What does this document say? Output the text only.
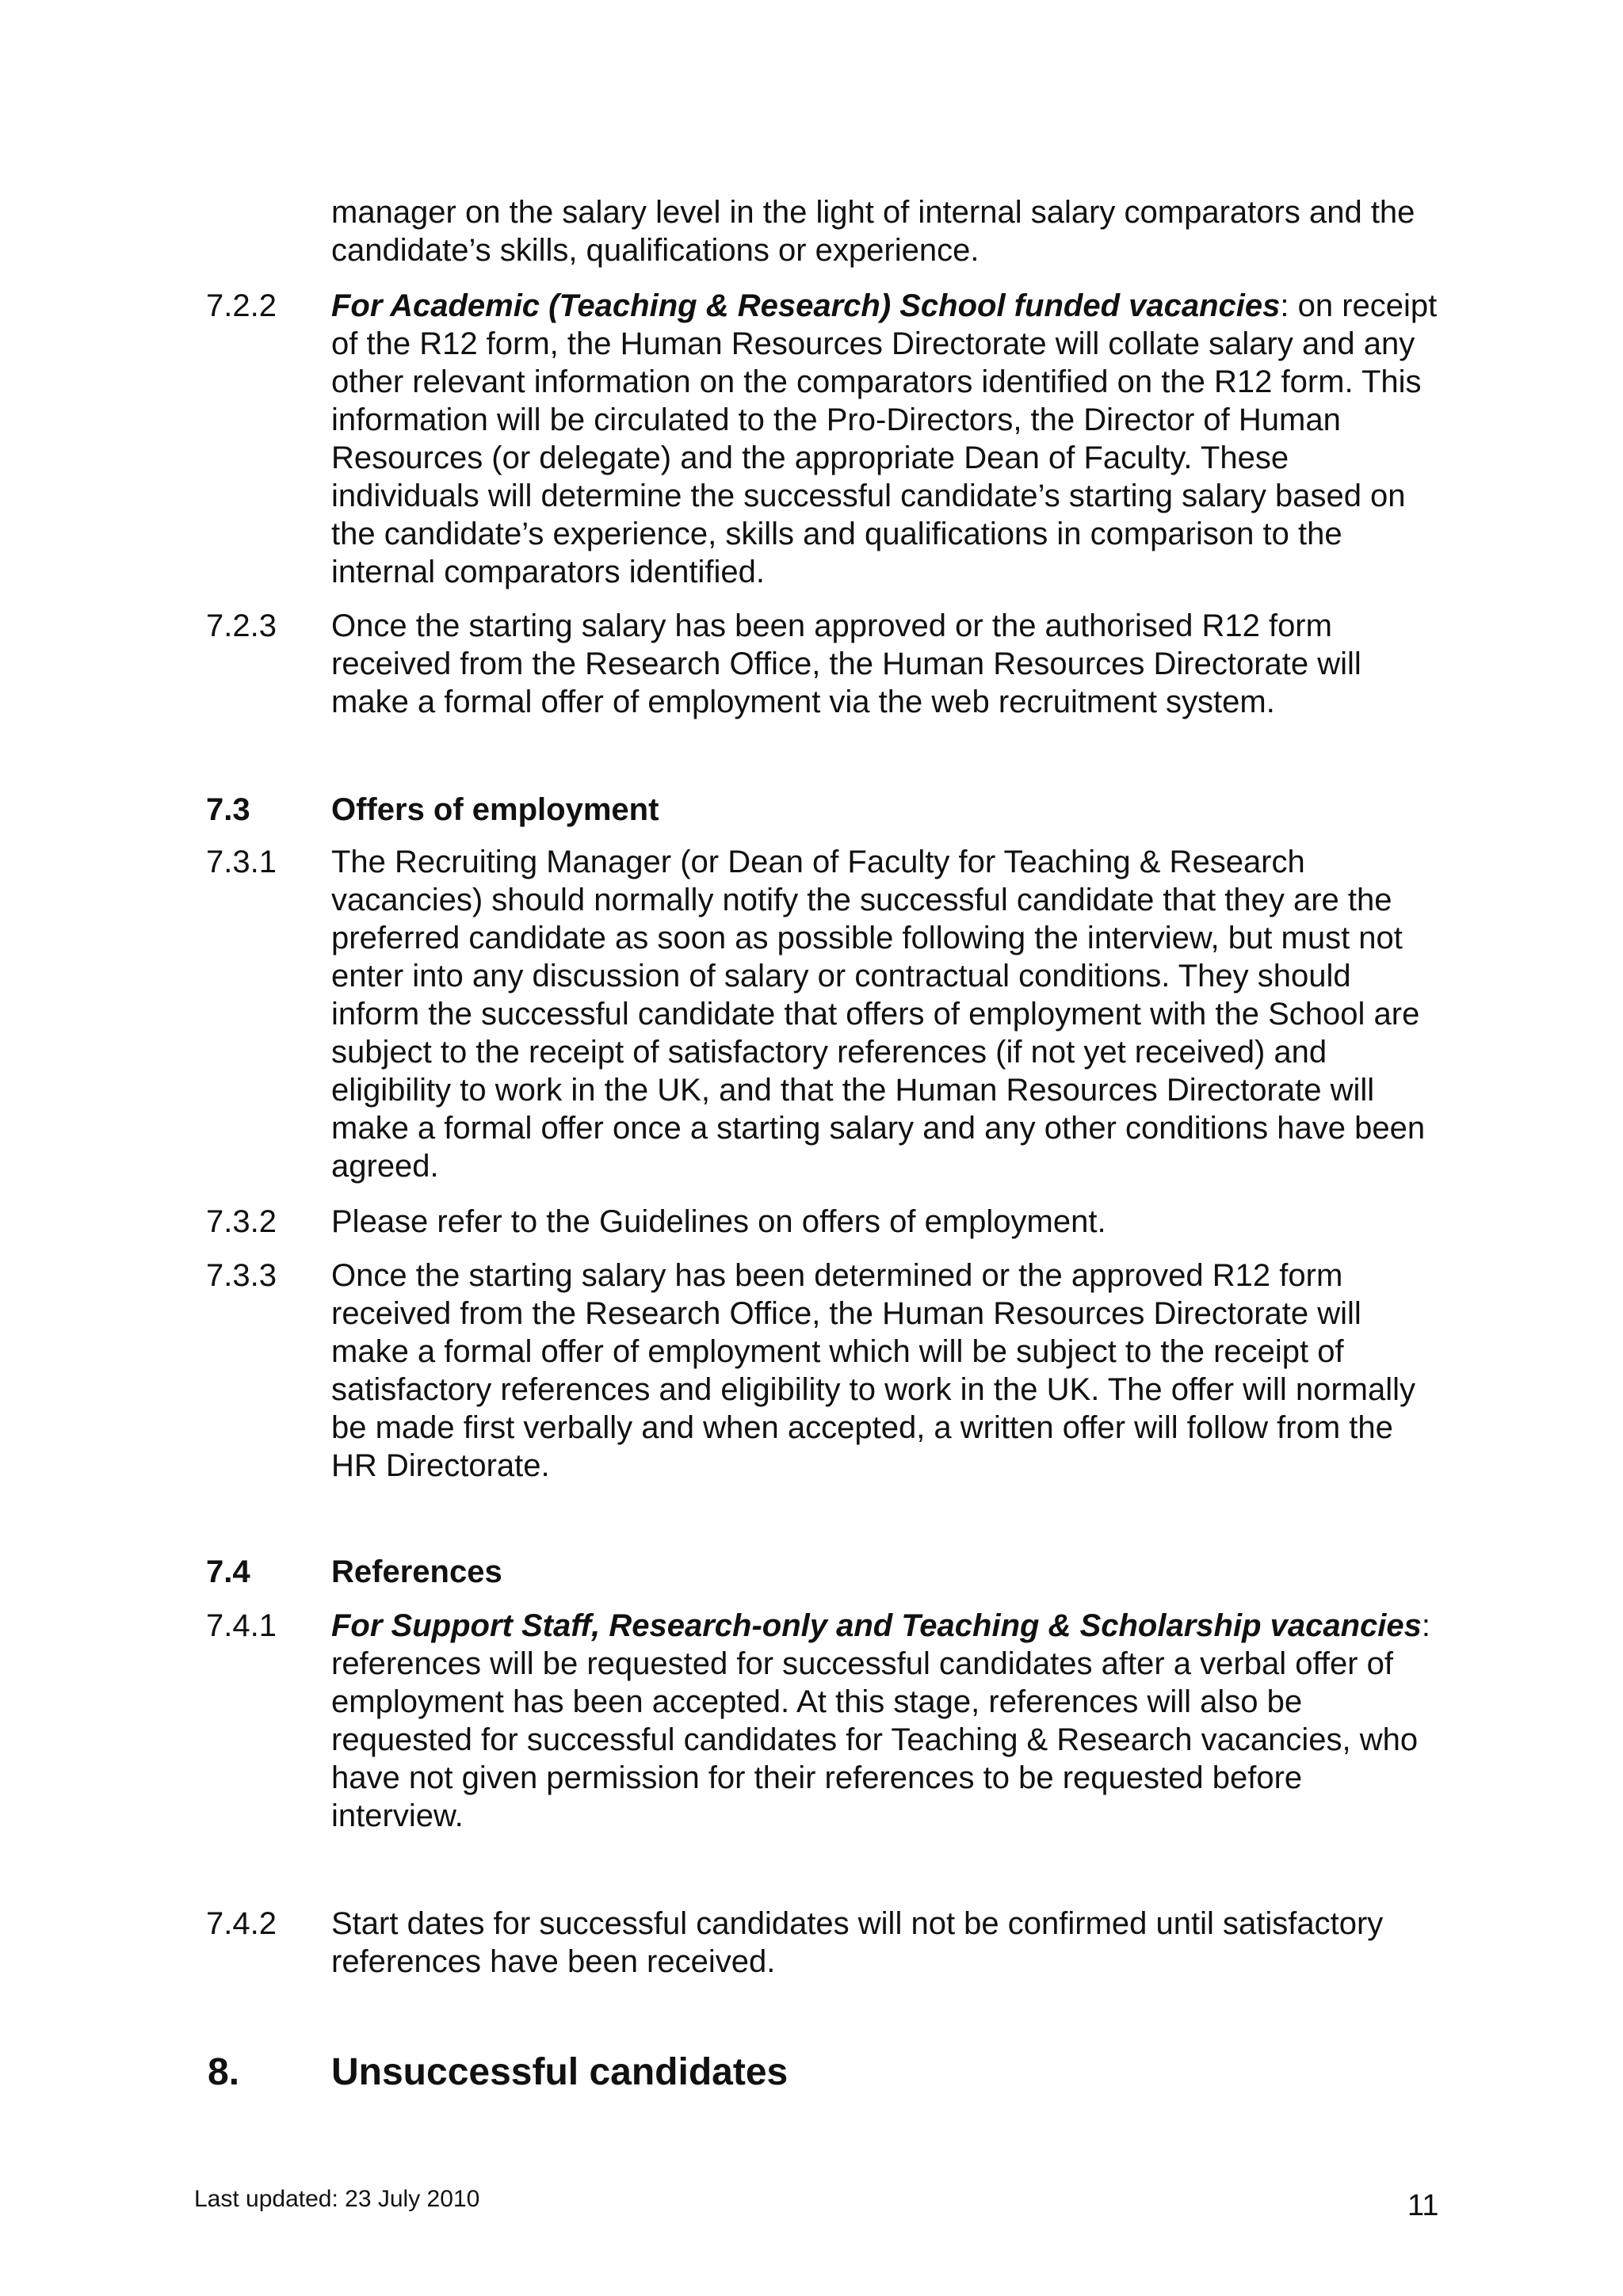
manager on the salary level in the light of internal salary comparators and the candidate’s skills, qualifications or experience.

7.2.2 For Academic (Teaching & Research) School funded vacancies: on receipt of the R12 form, the Human Resources Directorate will collate salary and any other relevant information on the comparators identified on the R12 form. This information will be circulated to the Pro-Directors, the Director of Human Resources (or delegate) and the appropriate Dean of Faculty. These individuals will determine the successful candidate’s starting salary based on the candidate’s experience, skills and qualifications in comparison to the internal comparators identified.

7.2.3 Once the starting salary has been approved or the authorised R12 form received from the Research Office, the Human Resources Directorate will make a formal offer of employment via the web recruitment system.

7.3	Offers of employment
7.3.1 The Recruiting Manager (or Dean of Faculty for Teaching & Research vacancies) should normally notify the successful candidate that they are the preferred candidate as soon as possible following the interview, but must not enter into any discussion of salary or contractual conditions. They should inform the successful candidate that offers of employment with the School are subject to the receipt of satisfactory references (if not yet received) and eligibility to work in the UK, and that the Human Resources Directorate will make a formal offer once a starting salary and any other conditions have been agreed.

7.3.2 Please refer to the Guidelines on offers of employment.

7.3.3 Once the starting salary has been determined or the approved R12 form received from the Research Office, the Human Resources Directorate will make a formal offer of employment which will be subject to the receipt of satisfactory references and eligibility to work in the UK. The offer will normally be made first verbally and when accepted, a written offer will follow from the HR Directorate.

7.4	References
7.4.1 For Support Staff, Research-only and Teaching & Scholarship vacancies: references will be requested for successful candidates after a verbal offer of employment has been accepted. At this stage, references will also be requested for successful candidates for Teaching & Research vacancies, who have not given permission for their references to be requested before interview.

7.4.2 Start dates for successful candidates will not be confirmed until satisfactory references have been received.

8. Unsuccessful candidates
Last updated: 23 July 2010	11
